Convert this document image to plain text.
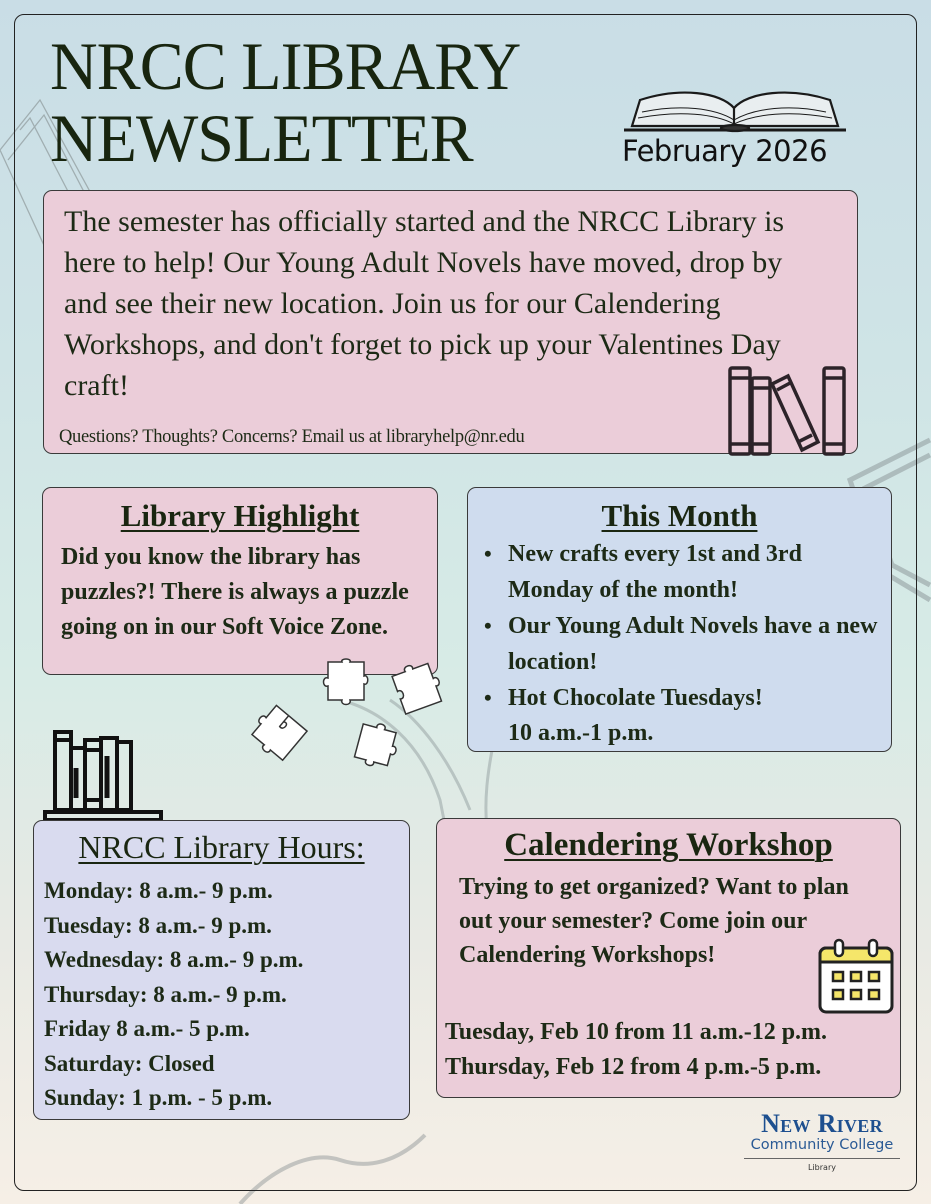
NRCC LIBRARY
NEWSLETTER	February 2026

The semester has officially started and the NRCC Library is here to help! Our Young Adult Novels have moved, drop by and see their new location. Join us for our Calendering Workshops, and don't forget to pick up your Valentines Day craft!

Questions? Thoughts? Concerns? Email us at libraryhelp@nr.edu

Library Highlight

Did you know the library has puzzles?! There is always a puzzle going on in our Soft Voice Zone.

This Month
• New crafts every 1st and 3rd Monday of the month!
• Our Young Adult Novels have a new location!
• Hot Chocolate Tuesdays!
10 a.m.-1 p.m.
NRCC Library Hours:
Monday: 8 a.m.- 9 p.m.
Tuesday: 8 a.m.- 9 p.m.
Wednesday: 8 a.m.- 9 p.m.
Thursday: 8 a.m.- 9 p.m.
Friday 8 a.m.- 5 p.m.
Saturday: Closed
Sunday: 1 p.m. - 5 p.m.
Calendering Workshop

Trying to get organized? Want to plan out your semester? Come join our Calendering Workshops!

Tuesday, Feb 10 from 11 a.m.-12 p.m.
Thursday, Feb 12 from 4 p.m.-5 p.m.
New River
Community College
Library
